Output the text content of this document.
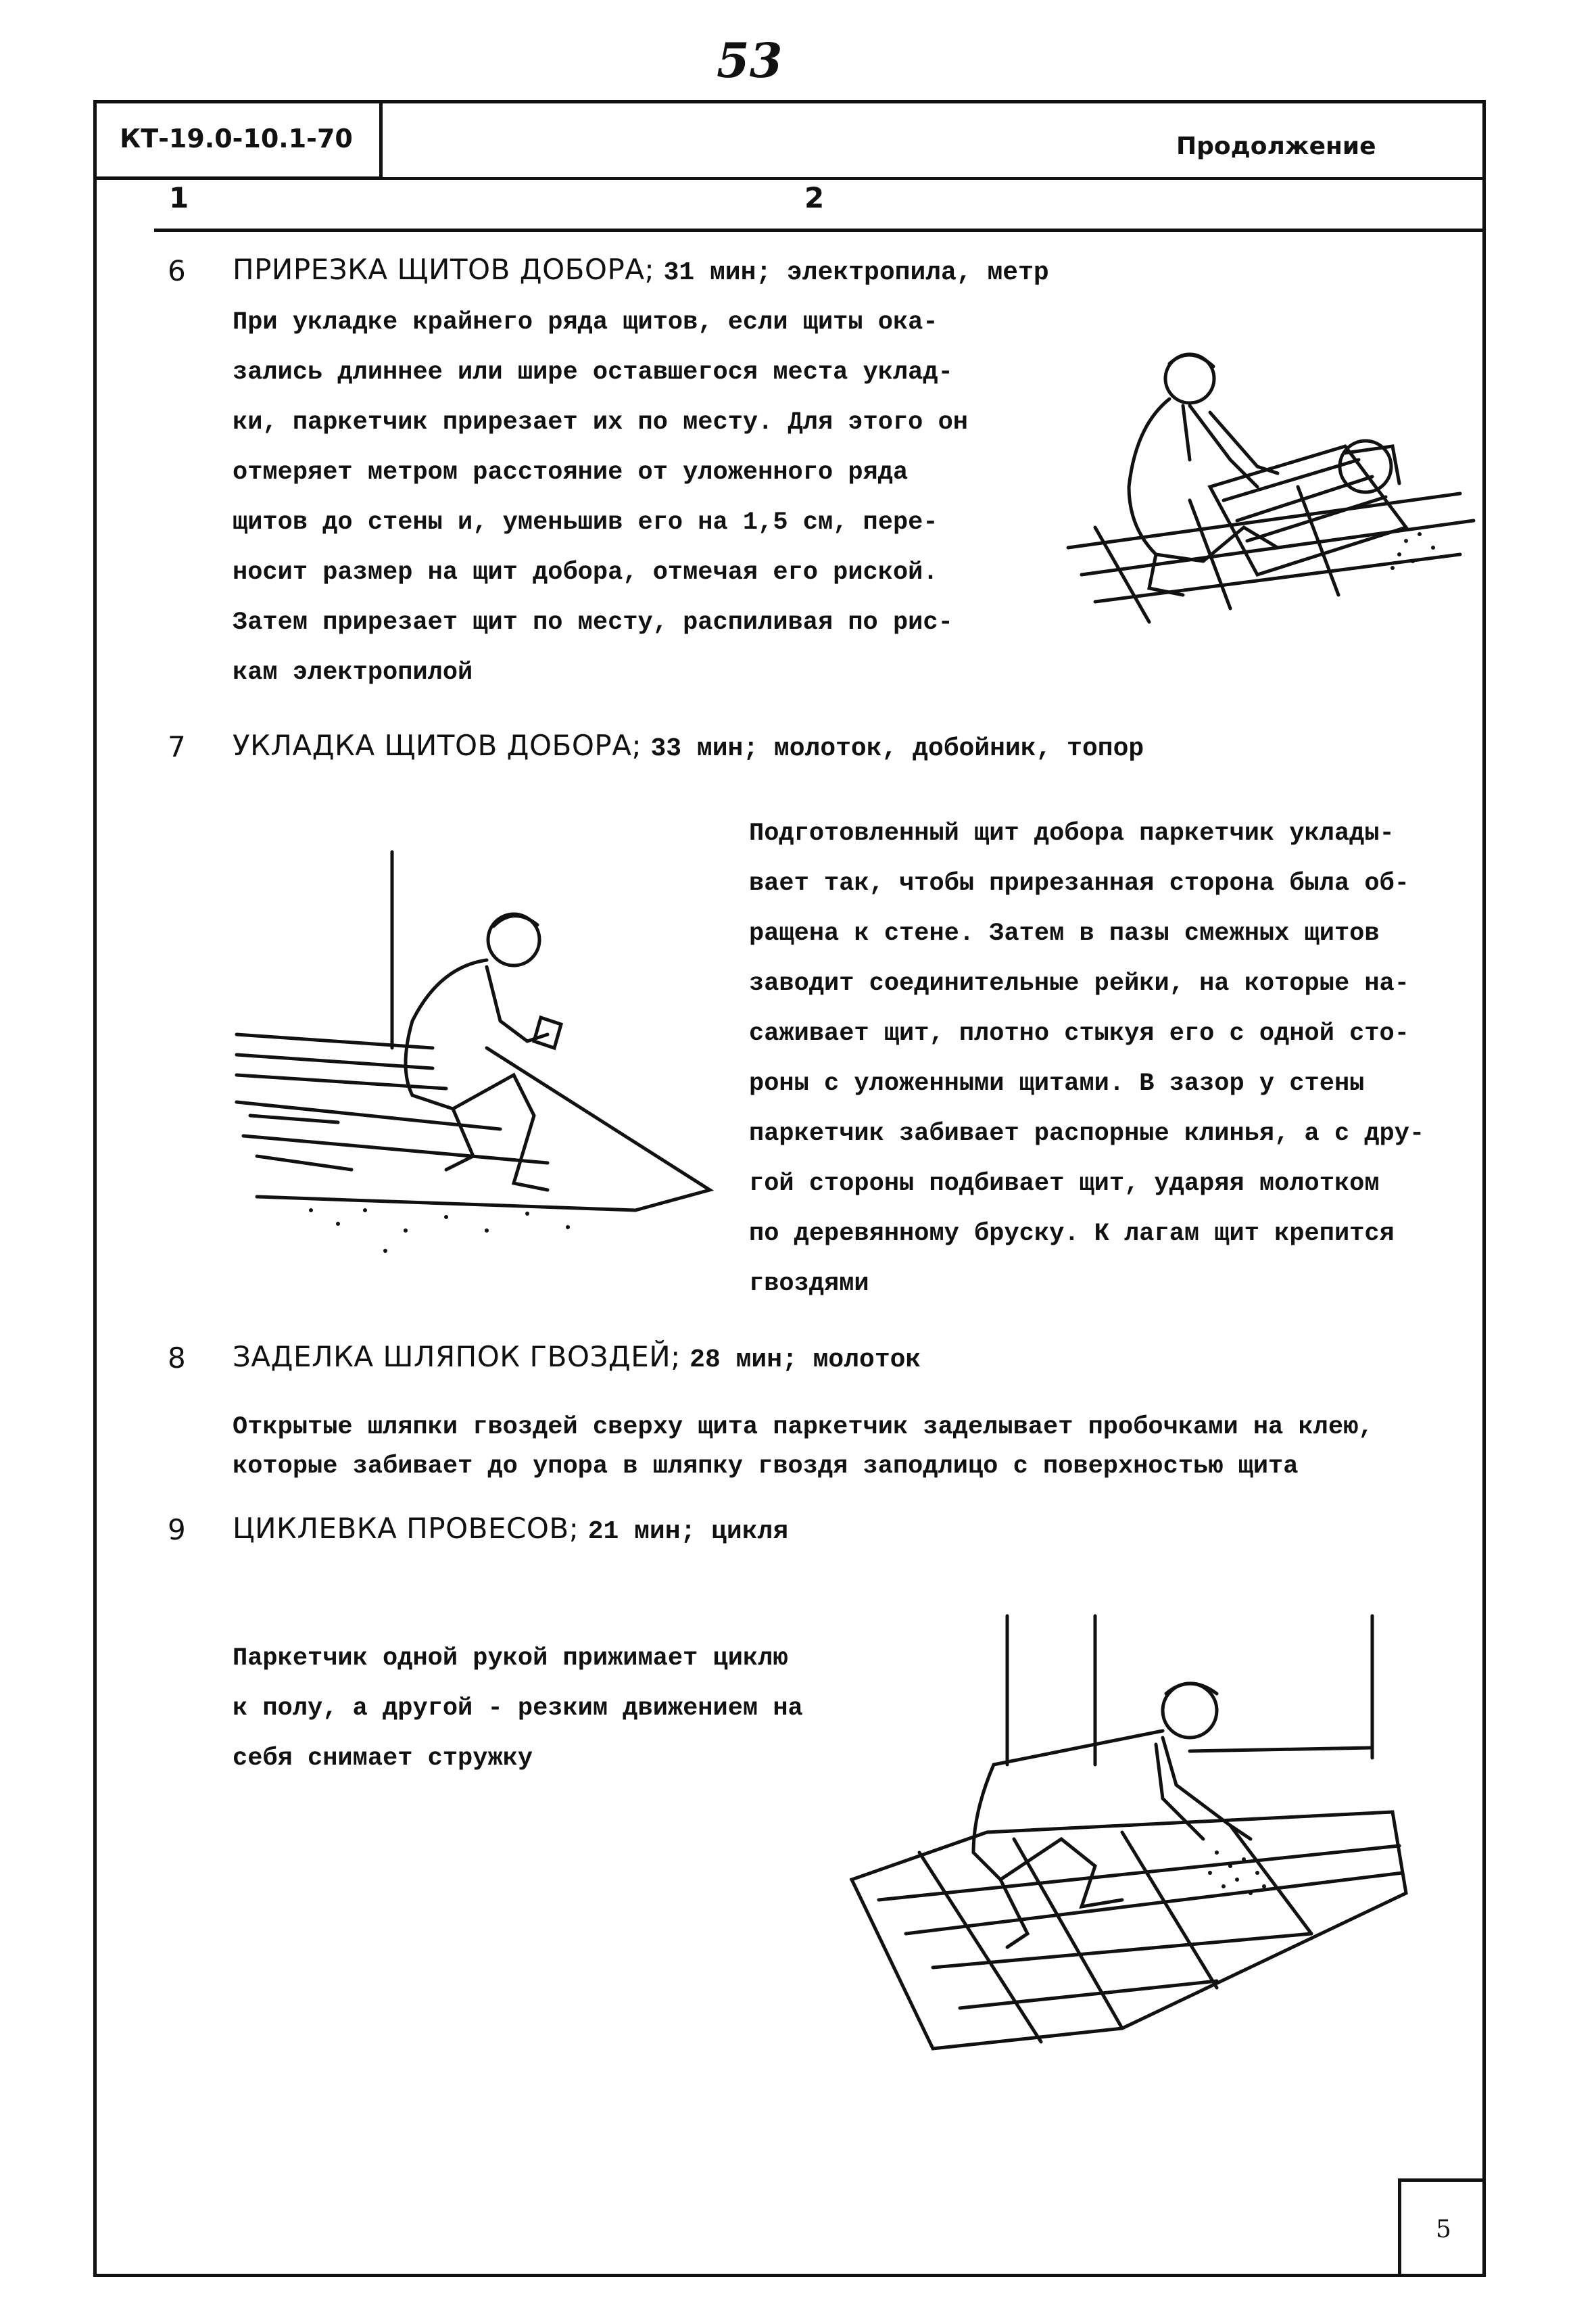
53
КТ-19.0-10.1-70	Продолжение
1	2
6 ПРИРЕЗКА ЩИТОВ ДОБОРА; 31 мин; электропила, метр
При укладке крайнего ряда щитов, если щиты ока-
зались длиннее или шире оставшегося места уклад-
ки, паркетчик прирезает их по месту. Для этого он
отмеряет метром расстояние от уложенного ряда
щитов до стены и, уменьшив его на 1,5 см, пере-
носит размер на щит добора, отмечая его риской.
Затем прирезает щит по месту, распиливая по рис-
кам электропилой
7 УКЛАДКА ЩИТОВ ДОБОРА; 33 мин; молоток, добойник, топор
Подготовленный щит добора паркетчик уклады-
вает так, чтобы прирезанная сторона была об-
ращена к стене. Затем в пазы смежных щитов
заводит соединительные рейки, на которые на-
саживает щит, плотно стыкуя его с одной сто-
роны с уложенными щитами. В зазор у стены
паркетчик забивает распорные клинья, а с дру-
гой стороны подбивает щит, ударяя молотком
по деревянному бруску. К лагам щит крепится
гвоздями
8 ЗАДЕЛКА ШЛЯПОК ГВОЗДЕЙ; 28 мин; молоток
Открытые шляпки гвоздей сверху щита паркетчик заделывает пробочками на клею,
которые забивает до упора в шляпку гвоздя заподлицо с поверхностью щита
9 ЦИКЛЕВКА ПРОВЕСОВ; 21 мин; цикля
Паркетчик одной рукой прижимает циклю
к полу, а другой - резким движением на
себя снимает стружку
5
